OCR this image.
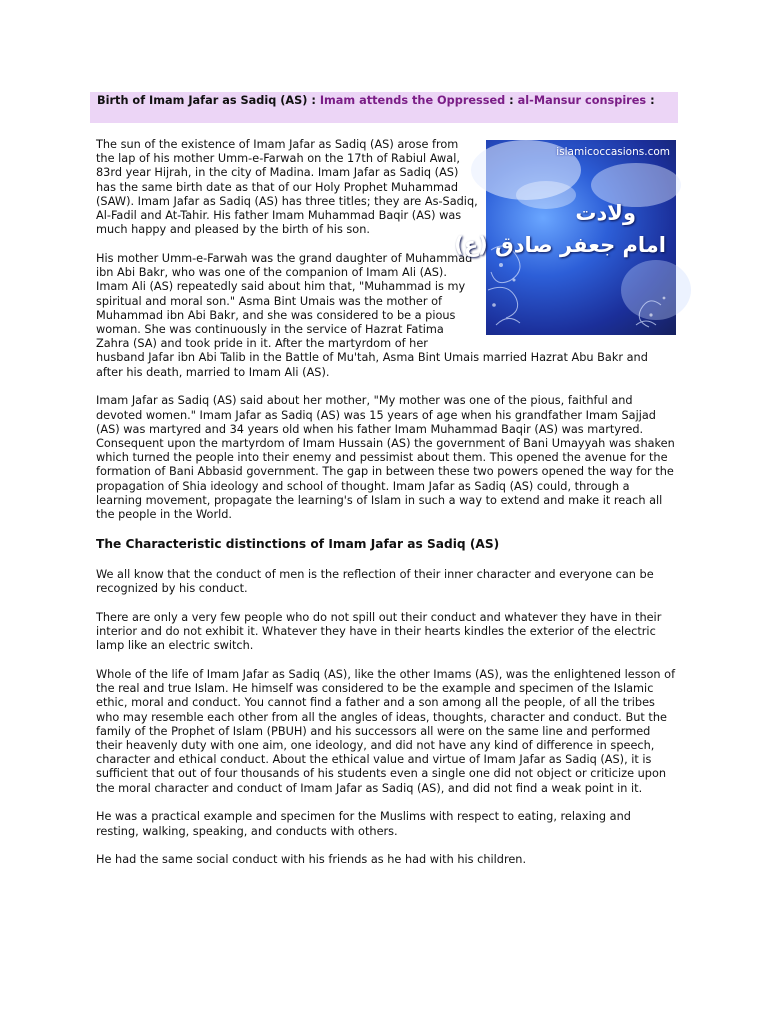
Birth of Imam Jafar as Sadiq (AS) : Imam attends the Oppressed : al-Mansur conspires :
islamicoccasions.com
ولادت
امام جعفر صادق (ع)

The sun of the existence of Imam Jafar as Sadiq (AS) arose from the lap of his mother Umm-e-Farwah on the 17th of Rabiul Awal, 83rd year Hijrah, in the city of Madina. Imam Jafar as Sadiq (AS) has the same birth date as that of our Holy Prophet Muhammad (SAW). Imam Jafar as Sadiq (AS) has three titles; they are As-Sadiq, Al-Fadil and At-Tahir. His father Imam Muhammad Baqir (AS) was much happy and pleased by the birth of his son.

His mother Umm-e-Farwah was the grand daughter of Muhammad ibn Abi Bakr, who was one of the companion of Imam Ali (AS). Imam Ali (AS) repeatedly said about him that, "Muhammad is my spiritual and moral son." Asma Bint Umais was the mother of Muhammad ibn Abi Bakr, and she was considered to be a pious woman. She was continuously in the service of Hazrat Fatima Zahra (SA) and took pride in it. After the martyrdom of her husband Jafar ibn Abi Talib in the Battle of Mu'tah, Asma Bint Umais married Hazrat Abu Bakr and after his death, married to Imam Ali (AS).

Imam Jafar as Sadiq (AS) said about her mother, "My mother was one of the pious, faithful and devoted women." Imam Jafar as Sadiq (AS) was 15 years of age when his grandfather Imam Sajjad (AS) was martyred and 34 years old when his father Imam Muhammad Baqir (AS) was martyred. Consequent upon the martyrdom of Imam Hussain (AS) the government of Bani Umayyah was shaken which turned the people into their enemy and pessimist about them. This opened the avenue for the formation of Bani Abbasid government. The gap in between these two powers opened the way for the propagation of Shia ideology and school of thought. Imam Jafar as Sadiq (AS) could, through a learning movement, propagate the learning's of Islam in such a way to extend and make it reach all the people in the World.

The Characteristic distinctions of Imam Jafar as Sadiq (AS)

We all know that the conduct of men is the reflection of their inner character and everyone can be recognized by his conduct.

There are only a very few people who do not spill out their conduct and whatever they have in their interior and do not exhibit it. Whatever they have in their hearts kindles the exterior of the electric lamp like an electric switch.

Whole of the life of Imam Jafar as Sadiq (AS), like the other Imams (AS), was the enlightened lesson of the real and true Islam. He himself was considered to be the example and specimen of the Islamic ethic, moral and conduct. You cannot find a father and a son among all the people, of all the tribes who may resemble each other from all the angles of ideas, thoughts, character and conduct. But the family of the Prophet of Islam (PBUH) and his successors all were on the same line and performed their heavenly duty with one aim, one ideology, and did not have any kind of difference in speech, character and ethical conduct. About the ethical value and virtue of Imam Jafar as Sadiq (AS), it is sufficient that out of four thousands of his students even a single one did not object or criticize upon the moral character and conduct of Imam Jafar as Sadiq (AS), and did not find a weak point in it.

He was a practical example and specimen for the Muslims with respect to eating, relaxing and resting, walking, speaking, and conducts with others.

He had the same social conduct with his friends as he had with his children.
